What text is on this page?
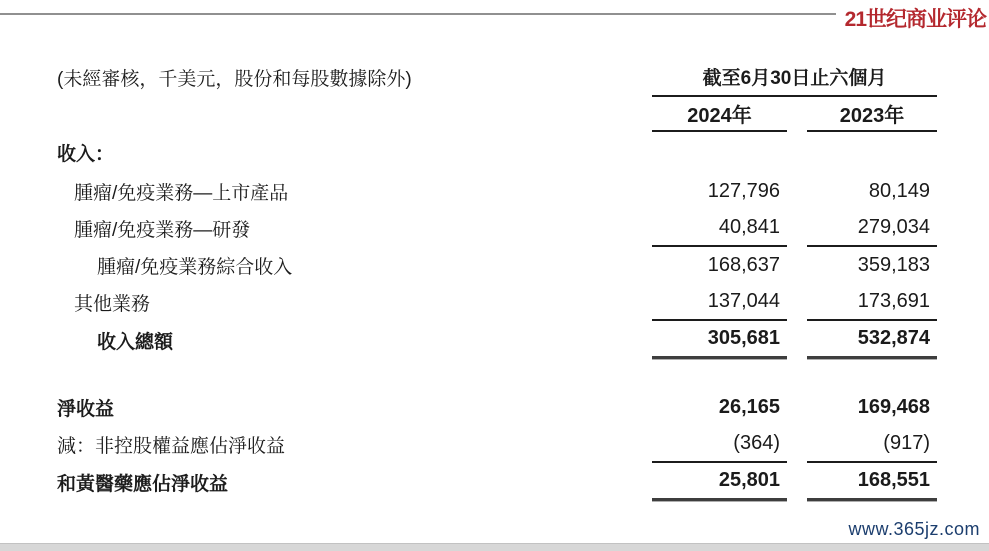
21世纪商业评论
(未經審核，千美元，股份和每股數據除外)	截至6月30日止六個月
2024年	2023年
收入：
腫瘤/免疫業務—上市產品	127,796	80,149
腫瘤/免疫業務—研發	40,841	279,034
腫瘤/免疫業務綜合收入	168,637	359,183
其他業務	137,044	173,691
收入總額	305,681	532,874
淨收益	26,165	169,468
減：非控股權益應佔淨收益	(364)	(917)
和黃醫藥應佔淨收益	25,801	168,551
www.365jz.com
